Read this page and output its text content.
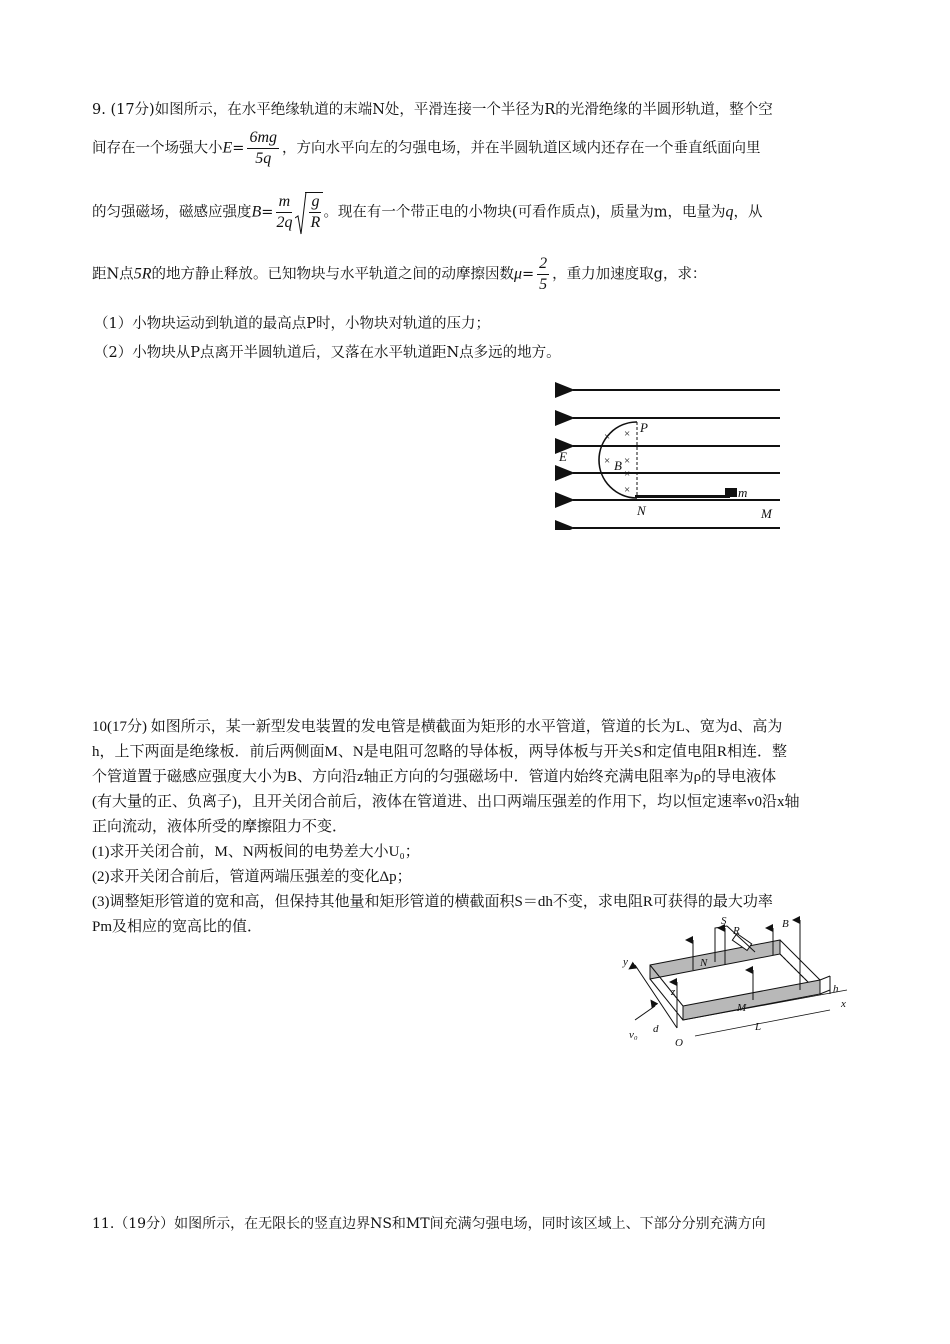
9. (17分)如图所示，在水平绝缘轨道的末端N处，平滑连接一个半径为R的光滑绝缘的半圆形轨道，整个空
间存在一个场强大小$E= \frac{6mg}{5q}$ ，方向水平向左的匀强电场，并在半圆轨道区域内还存在一个垂直纸面向里
的匀强磁场，磁感应强度$B= \frac{m}{2q} \frac{g}{R}$ 。现在有一个带正电的小物块(可看作质点)，质量为m，电量为q，从
距N点5R的地方静止释放。已知物块与水平轨道之间的动摩擦因数$\mu= \frac{2}{5}$ ，重力加速度取g，求：
（1）小物块运动到轨道的最高点P时，小物块对轨道的压力；
（2）小物块从P点离开半圆轨道后，又落在水平轨道距N点多远的地方。
× ×
× ×
×
×
E
P
B
N	M
m
10(17分) 如图所示，某一新型发电装置的发电管是横截面为矩形的水平管道，管道的长为L、宽为d、高为
h，上下两面是绝缘板．前后两侧面M、N是电阻可忽略的导体板，两导体板与开关S和定值电阻R相连．整
个管道置于磁感应强度大小为B、方向沿z轴正方向的匀强磁场中．管道内始终充满电阻率为ρ的导电液体
(有大量的正、负离子)，且开关闭合前后，液体在管道进、出口两端压强差的作用下，均以恒定速率v0沿x轴
正向流动，液体所受的摩擦阻力不变．
(1)求开关闭合前，M、N两板间的电势差大小U₀；
(2)求开关闭合前后，管道两端压强差的变化Δp；
(3)调整矩形管道的宽和高，但保持其他量和矩形管道的横截面积S＝dh不变，求电阻R可获得的最大功率
Pm及相应的宽高比的值．	S
R
B
y	N
z
v₀ d
M
h
x
O
L
11.（19分）如图所示，在无限长的竖直边界NS和MT间充满匀强电场，同时该区域上、下部分分别充满方向
